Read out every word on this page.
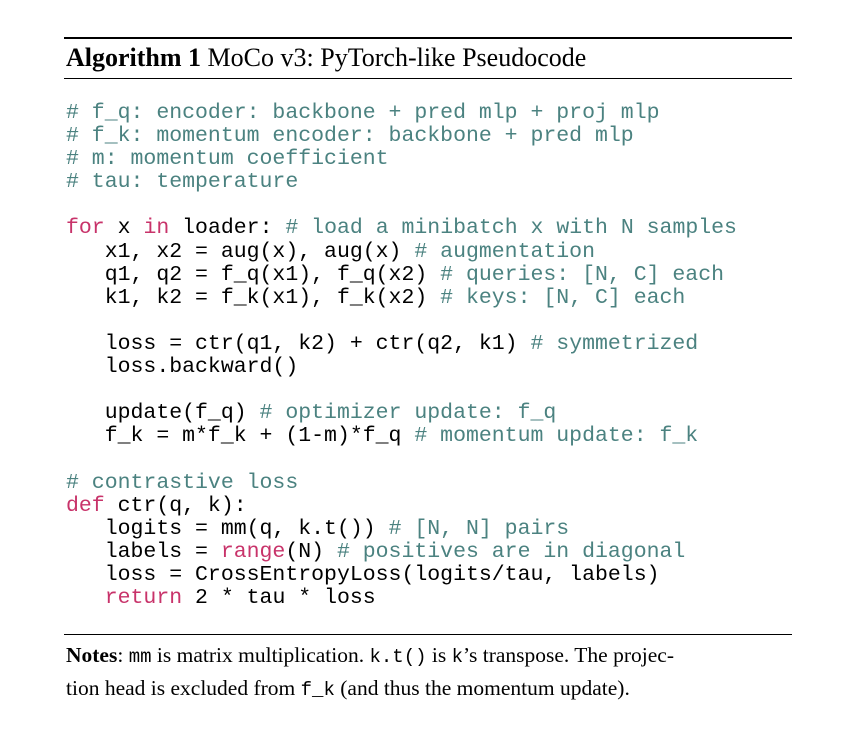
Algorithm 1 MoCo v3: PyTorch-like Pseudocode
# f_q: encoder: backbone + pred mlp + proj mlp
# f_k: momentum encoder: backbone + pred mlp
# m: momentum coefficient
# tau: temperature

for x in loader: # load a minibatch x with N samples
x1, x2 = aug(x), aug(x) # augmentation
q1, q2 = f_q(x1), f_q(x2) # queries: [N, C] each
k1, k2 = f_k(x1), f_k(x2) # keys: [N, C] each

loss = ctr(q1, k2) + ctr(q2, k1) # symmetrized
loss.backward()

update(f_q) # optimizer update: f_q
f_k = m*f_k + (1-m)*f_q # momentum update: f_k

# contrastive loss
def ctr(q, k):
logits = mm(q, k.t()) # [N, N] pairs
labels = range(N) # positives are in diagonal
loss = CrossEntropyLoss(logits/tau, labels)
return 2 * tau * loss
Notes: mm is matrix multiplication. k.t() is k’s transpose. The projec-
tion head is excluded from f_k (and thus the momentum update).
